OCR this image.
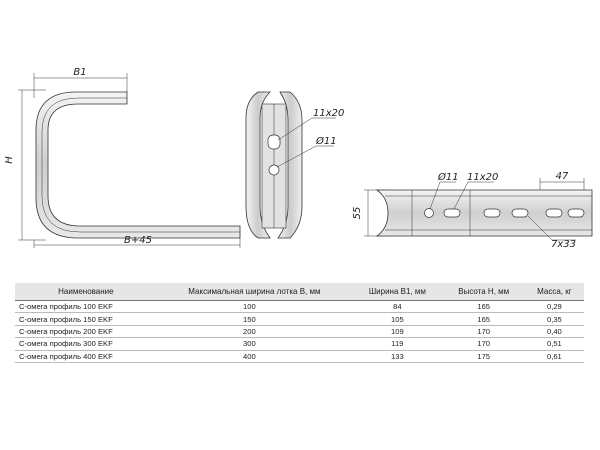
B1
H
B+45
11x20
Ø11
55
Ø11 11x20	47
7x33
Наименование	Максимальная ширина лотка В, мм	Ширина В1, мм	Высота Н, мм	Масса, кг
С-омега профиль 100 EKF	100	84	165	0,29
С-омега профиль 150 EKF	150	105	165	0,35
С-омега профиль 200 EKF	200	109	170	0,40
С-омега профиль 300 EKF	300	119	170	0,51
С-омега профиль 400 EKF	400	133	175	0,61
